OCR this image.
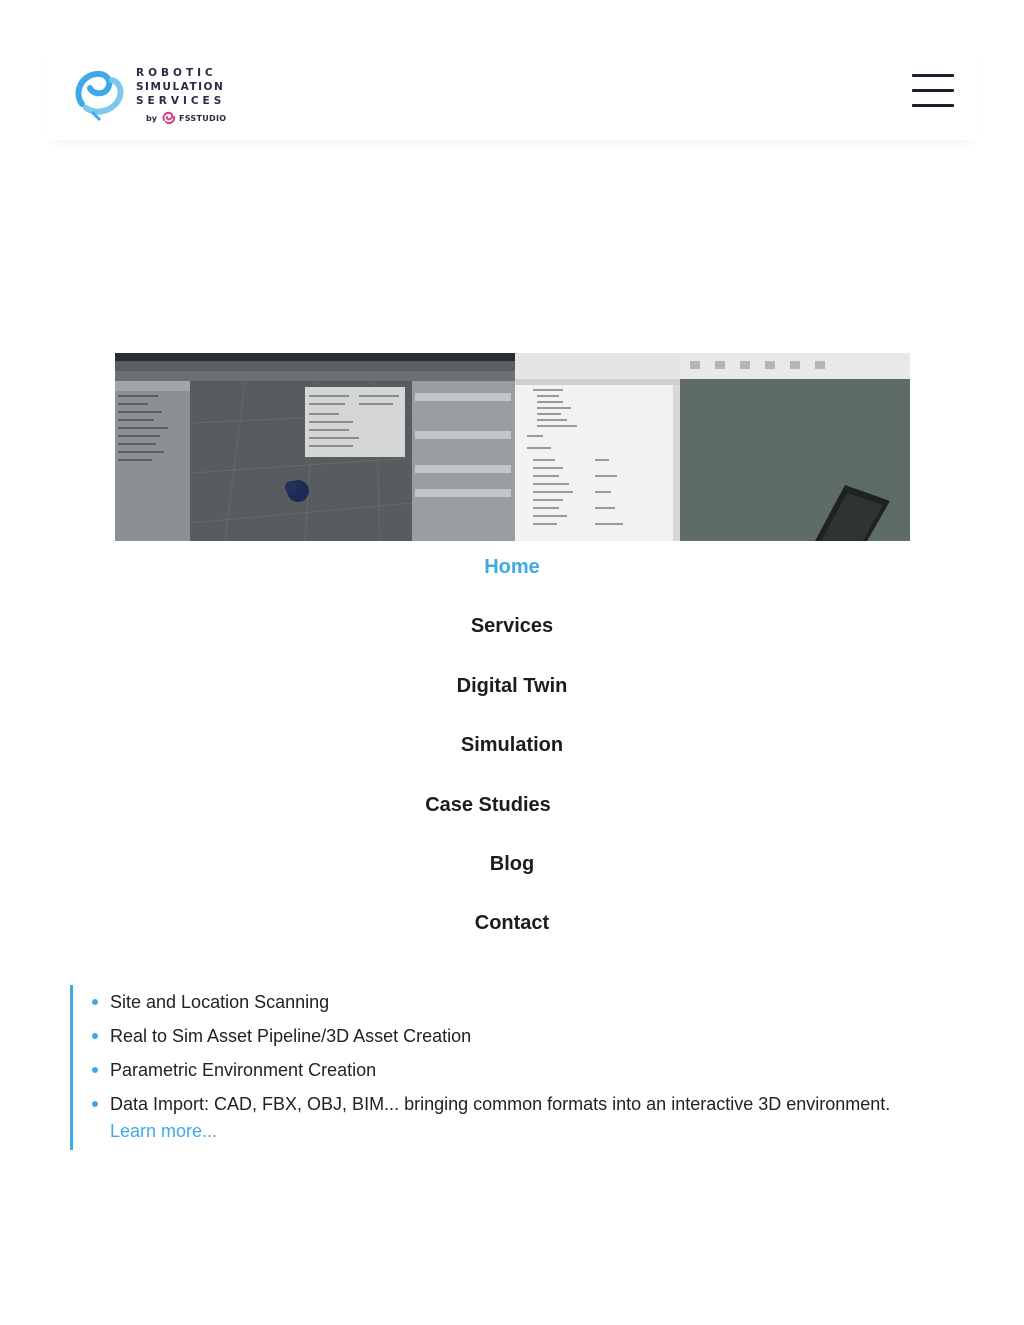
ROBOTIC
SIMULATION
SERVICES
by	FSSTUDIO
Home
Services
Digital Twin
Simulation
Case Studies
Blog
Contact
Site and Location Scanning
Real to Sim Asset Pipeline/3D Asset Creation
Parametric Environment Creation
Data Import: CAD, FBX, OBJ, BIM... bringing common formats into an interactive 3D environment.
Learn more...
